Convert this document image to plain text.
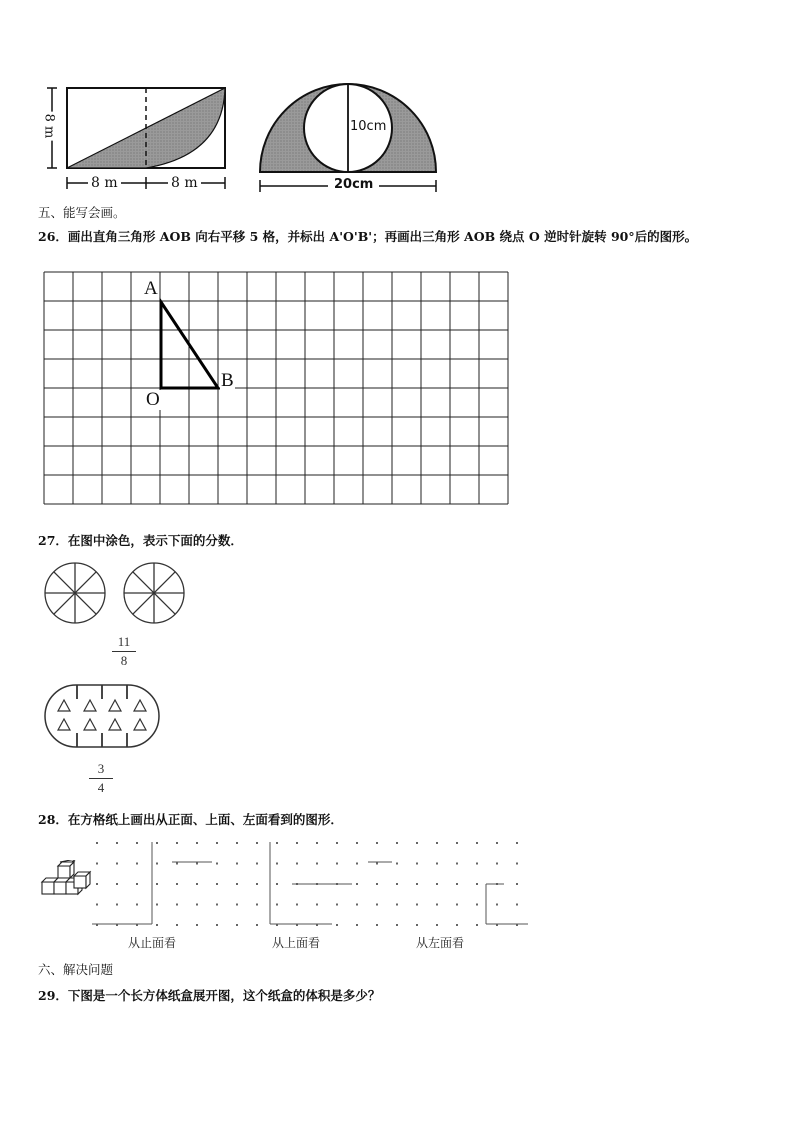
8 m
8 m	8 m
10cm
20cm
五、能写会画。
26．画出直角三角形 AOB 向右平移 5 格，并标出 A'O'B'；再画出三角形 AOB 绕点 O 逆时针旋转 90°后的图形。
A
O
B
27．在图中涂色，表示下面的分数．
11
8
3
4
28．在方格纸上画出从正面、上面、左面看到的图形．
从止面看	从上面看	从左面看
六、解决问题
29．下图是一个长方体纸盒展开图，这个纸盒的体积是多少？
